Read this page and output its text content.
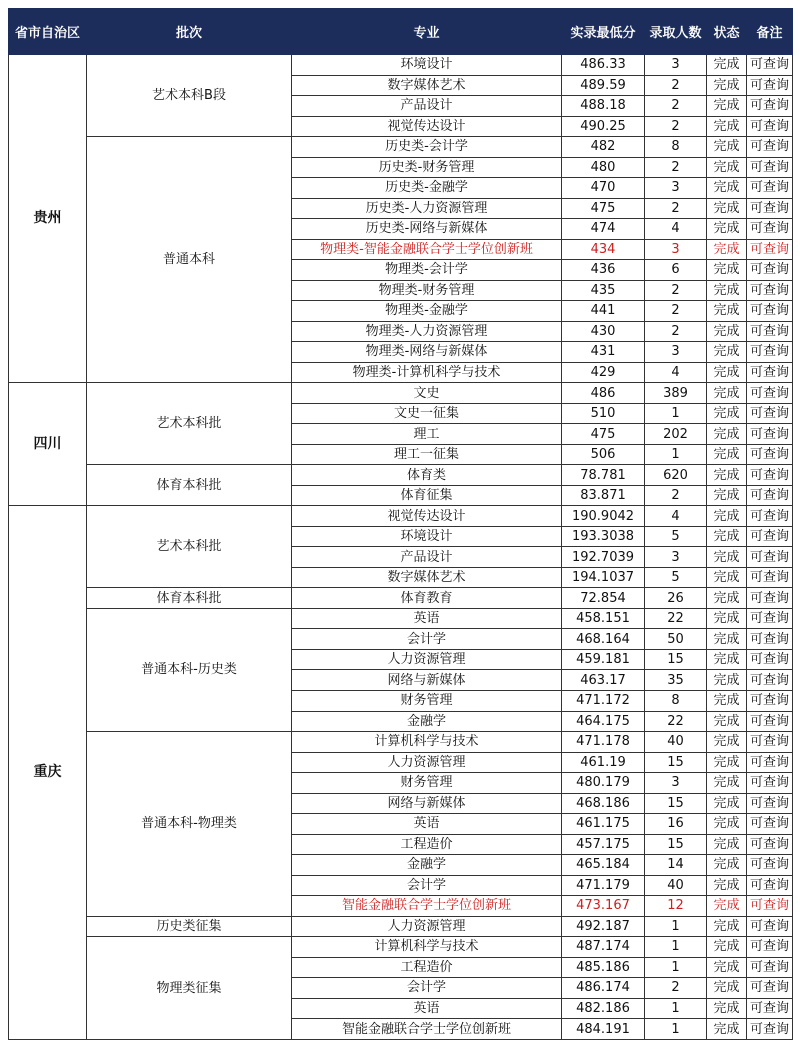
省市自治区	批次	专业	实录最低分	录取人数	状态	备注
贵州	艺术本科B段	环境设计	486.33	3	完成	可查询
		数字媒体艺术	489.59	2	完成	可查询
		产品设计	488.18	2	完成	可查询
		视觉传达设计	490.25	2	完成	可查询
	普通本科	历史类-会计学	482	8	完成	可查询
		历史类-财务管理	480	2	完成	可查询
		历史类-金融学	470	3	完成	可查询
		历史类-人力资源管理	475	2	完成	可查询
		历史类-网络与新媒体	474	4	完成	可查询
		物理类-智能金融联合学士学位创新班	434	3	完成	可查询
		物理类-会计学	436	6	完成	可查询
		物理类-财务管理	435	2	完成	可查询
		物理类-金融学	441	2	完成	可查询
		物理类-人力资源管理	430	2	完成	可查询
		物理类-网络与新媒体	431	3	完成	可查询
		物理类-计算机科学与技术	429	4	完成	可查询
四川	艺术本科批	文史	486	389	完成	可查询
		文史一征集	510	1	完成	可查询
		理工	475	202	完成	可查询
		理工一征集	506	1	完成	可查询
	体育本科批	体育类	78.781	620	完成	可查询
		体育征集	83.871	2	完成	可查询
重庆	艺术本科批	视觉传达设计	190.9042	4	完成	可查询
		环境设计	193.3038	5	完成	可查询
		产品设计	192.7039	3	完成	可查询
		数字媒体艺术	194.1037	5	完成	可查询
	体育本科批	体育教育	72.854	26	完成	可查询
	普通本科-历史类	英语	458.151	22	完成	可查询
		会计学	468.164	50	完成	可查询
		人力资源管理	459.181	15	完成	可查询
		网络与新媒体	463.17	35	完成	可查询
		财务管理	471.172	8	完成	可查询
		金融学	464.175	22	完成	可查询
	普通本科-物理类	计算机科学与技术	471.178	40	完成	可查询
		人力资源管理	461.19	15	完成	可查询
		财务管理	480.179	3	完成	可查询
		网络与新媒体	468.186	15	完成	可查询
		英语	461.175	16	完成	可查询
		工程造价	457.175	15	完成	可查询
		金融学	465.184	14	完成	可查询
		会计学	471.179	40	完成	可查询
		智能金融联合学士学位创新班	473.167	12	完成	可查询
	历史类征集	人力资源管理	492.187	1	完成	可查询
	物理类征集	计算机科学与技术	487.174	1	完成	可查询
		工程造价	485.186	1	完成	可查询
		会计学	486.174	2	完成	可查询
		英语	482.186	1	完成	可查询
		智能金融联合学士学位创新班	484.191	1	完成	可查询
